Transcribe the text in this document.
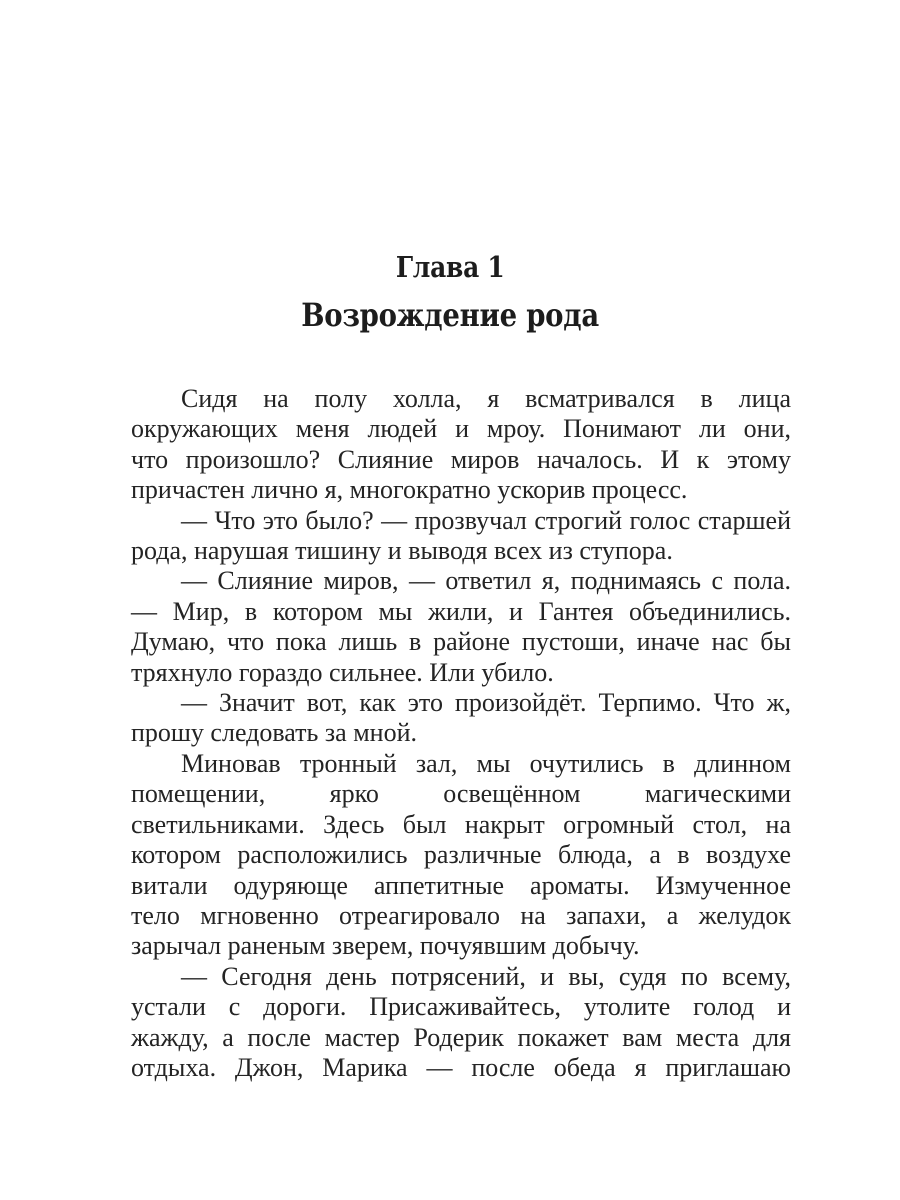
Глава 1
Возрождение рода
Сидя на полу холла, я всматривался в лица
окружающих меня людей и мроу. Понимают ли они,
что произошло? Слияние миров началось. И к этому
причастен лично я, многократно ускорив процесс.
— Что это было? — прозвучал строгий голос старшей
рода, нарушая тишину и выводя всех из ступора.
— Слияние миров, — ответил я, поднимаясь с пола.
— Мир, в котором мы жили, и Гантея объединились.
Думаю, что пока лишь в районе пустоши, иначе нас бы
тряхнуло гораздо сильнее. Или убило.
— Значит вот, как это произойдёт. Терпимо. Что ж,
прошу следовать за мной.
Миновав тронный зал, мы очутились в длинном
помещении, ярко освещённом магическими
светильниками. Здесь был накрыт огромный стол, на
котором расположились различные блюда, а в воздухе
витали одуряюще аппетитные ароматы. Измученное
тело мгновенно отреагировало на запахи, а желудок
зарычал раненым зверем, почуявшим добычу.
— Сегодня день потрясений, и вы, судя по всему,
устали с дороги. Присаживайтесь, утолите голод и
жажду, а после мастер Родерик покажет вам места для
отдыха. Джон, Марика — после обеда я приглашаю
